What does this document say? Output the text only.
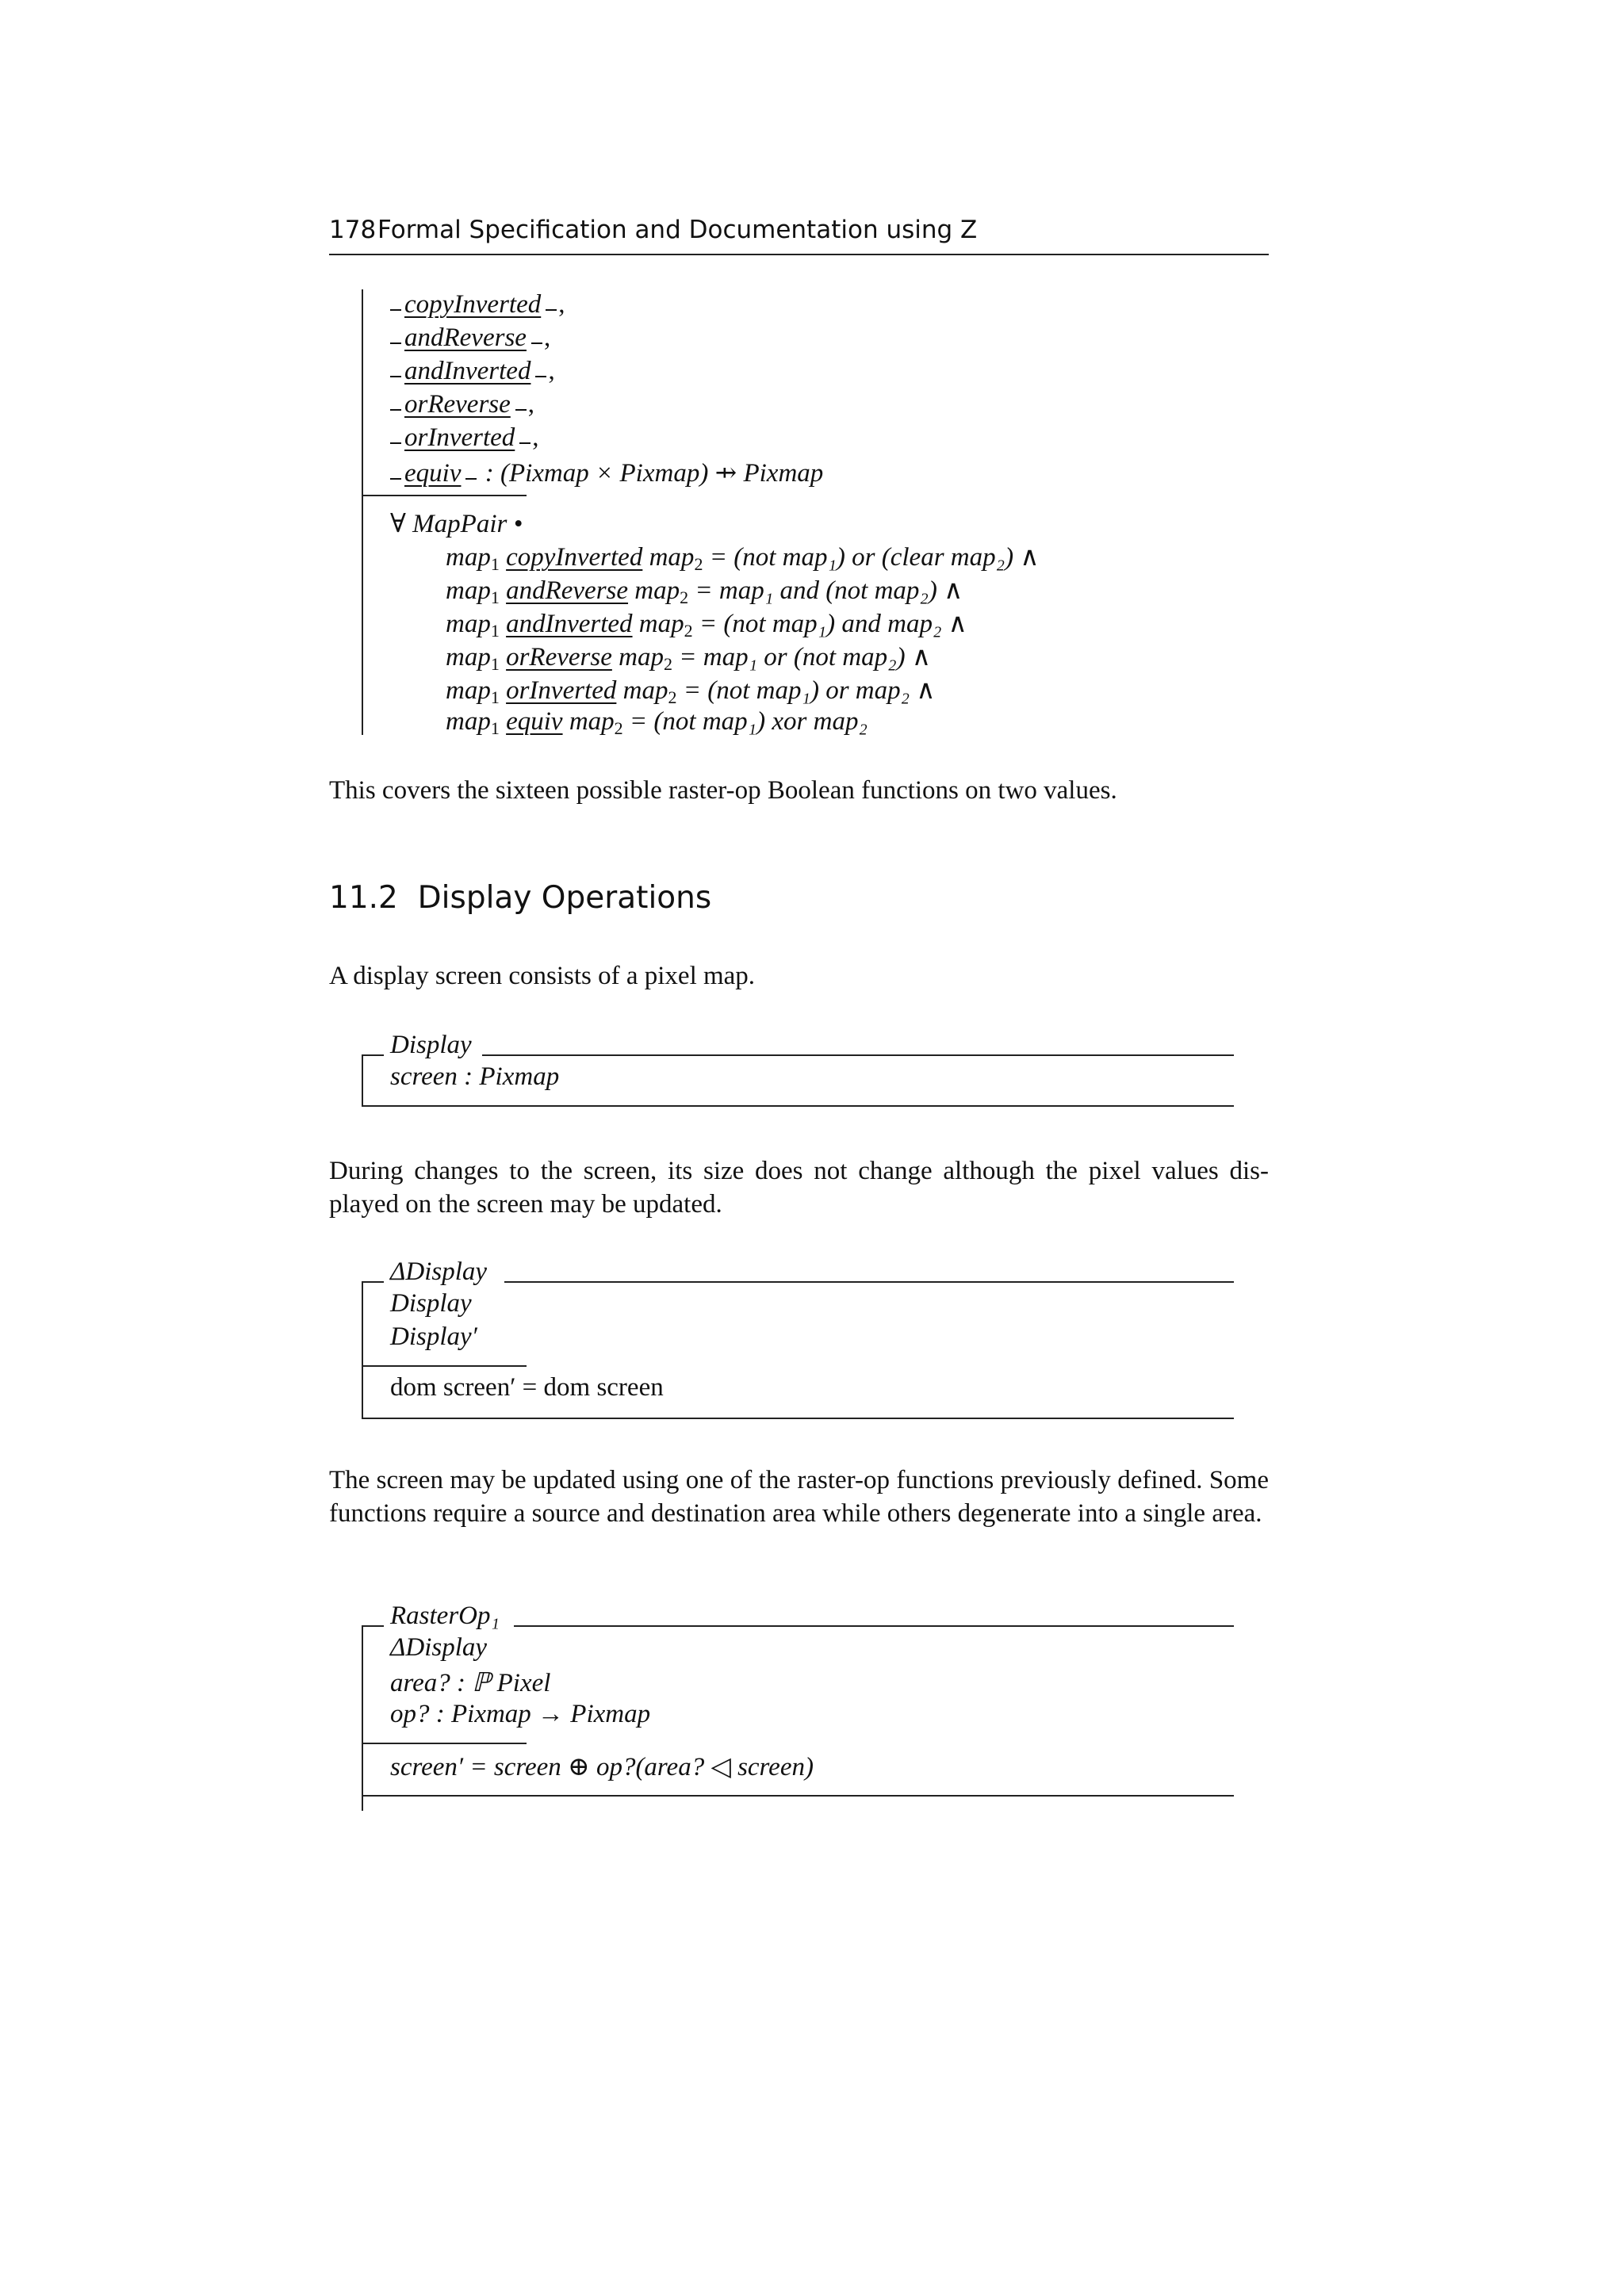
178 Formal Specification and Documentation using Z
copyInverted ,
andReverse ,
andInverted ,
orReverse ,
orInverted ,
equiv : (Pixmap × Pixmap) ⇸ Pixmap
∀ MapPair •
map$_1$ copyInverted map$_2$ = (not map₁) or (clear map₂) ∧
map$_1$ andReverse map$_2$ = map₁ and (not map₂) ∧
map$_1$ andInverted map$_2$ = (not map₁) and map₂ ∧
map$_1$ orReverse map$_2$ = map₁ or (not map₂) ∧
map$_1$ orInverted map$_2$ = (not map₁) or map₂ ∧
map$_1$ equiv map$_2$ = (not map₁) xor map₂
This covers the sixteen possible raster-op Boolean functions on two values.
11.2 Display Operations
A display screen consists of a pixel map.
Display
screen : Pixmap
During changes to the screen, its size does not change although the pixel values dis-played on the screen may be updated.
ΔDisplay
Display
Display′
dom screen′ = dom screen
The screen may be updated using one of the raster-op functions previously defined. Some functions require a source and destination area while others degenerate into a single area.
RasterOp₁
ΔDisplay
area? : ℙ Pixel
op? : Pixmap → Pixmap
screen′ = screen ⊕ op?(area? ◁ screen)
